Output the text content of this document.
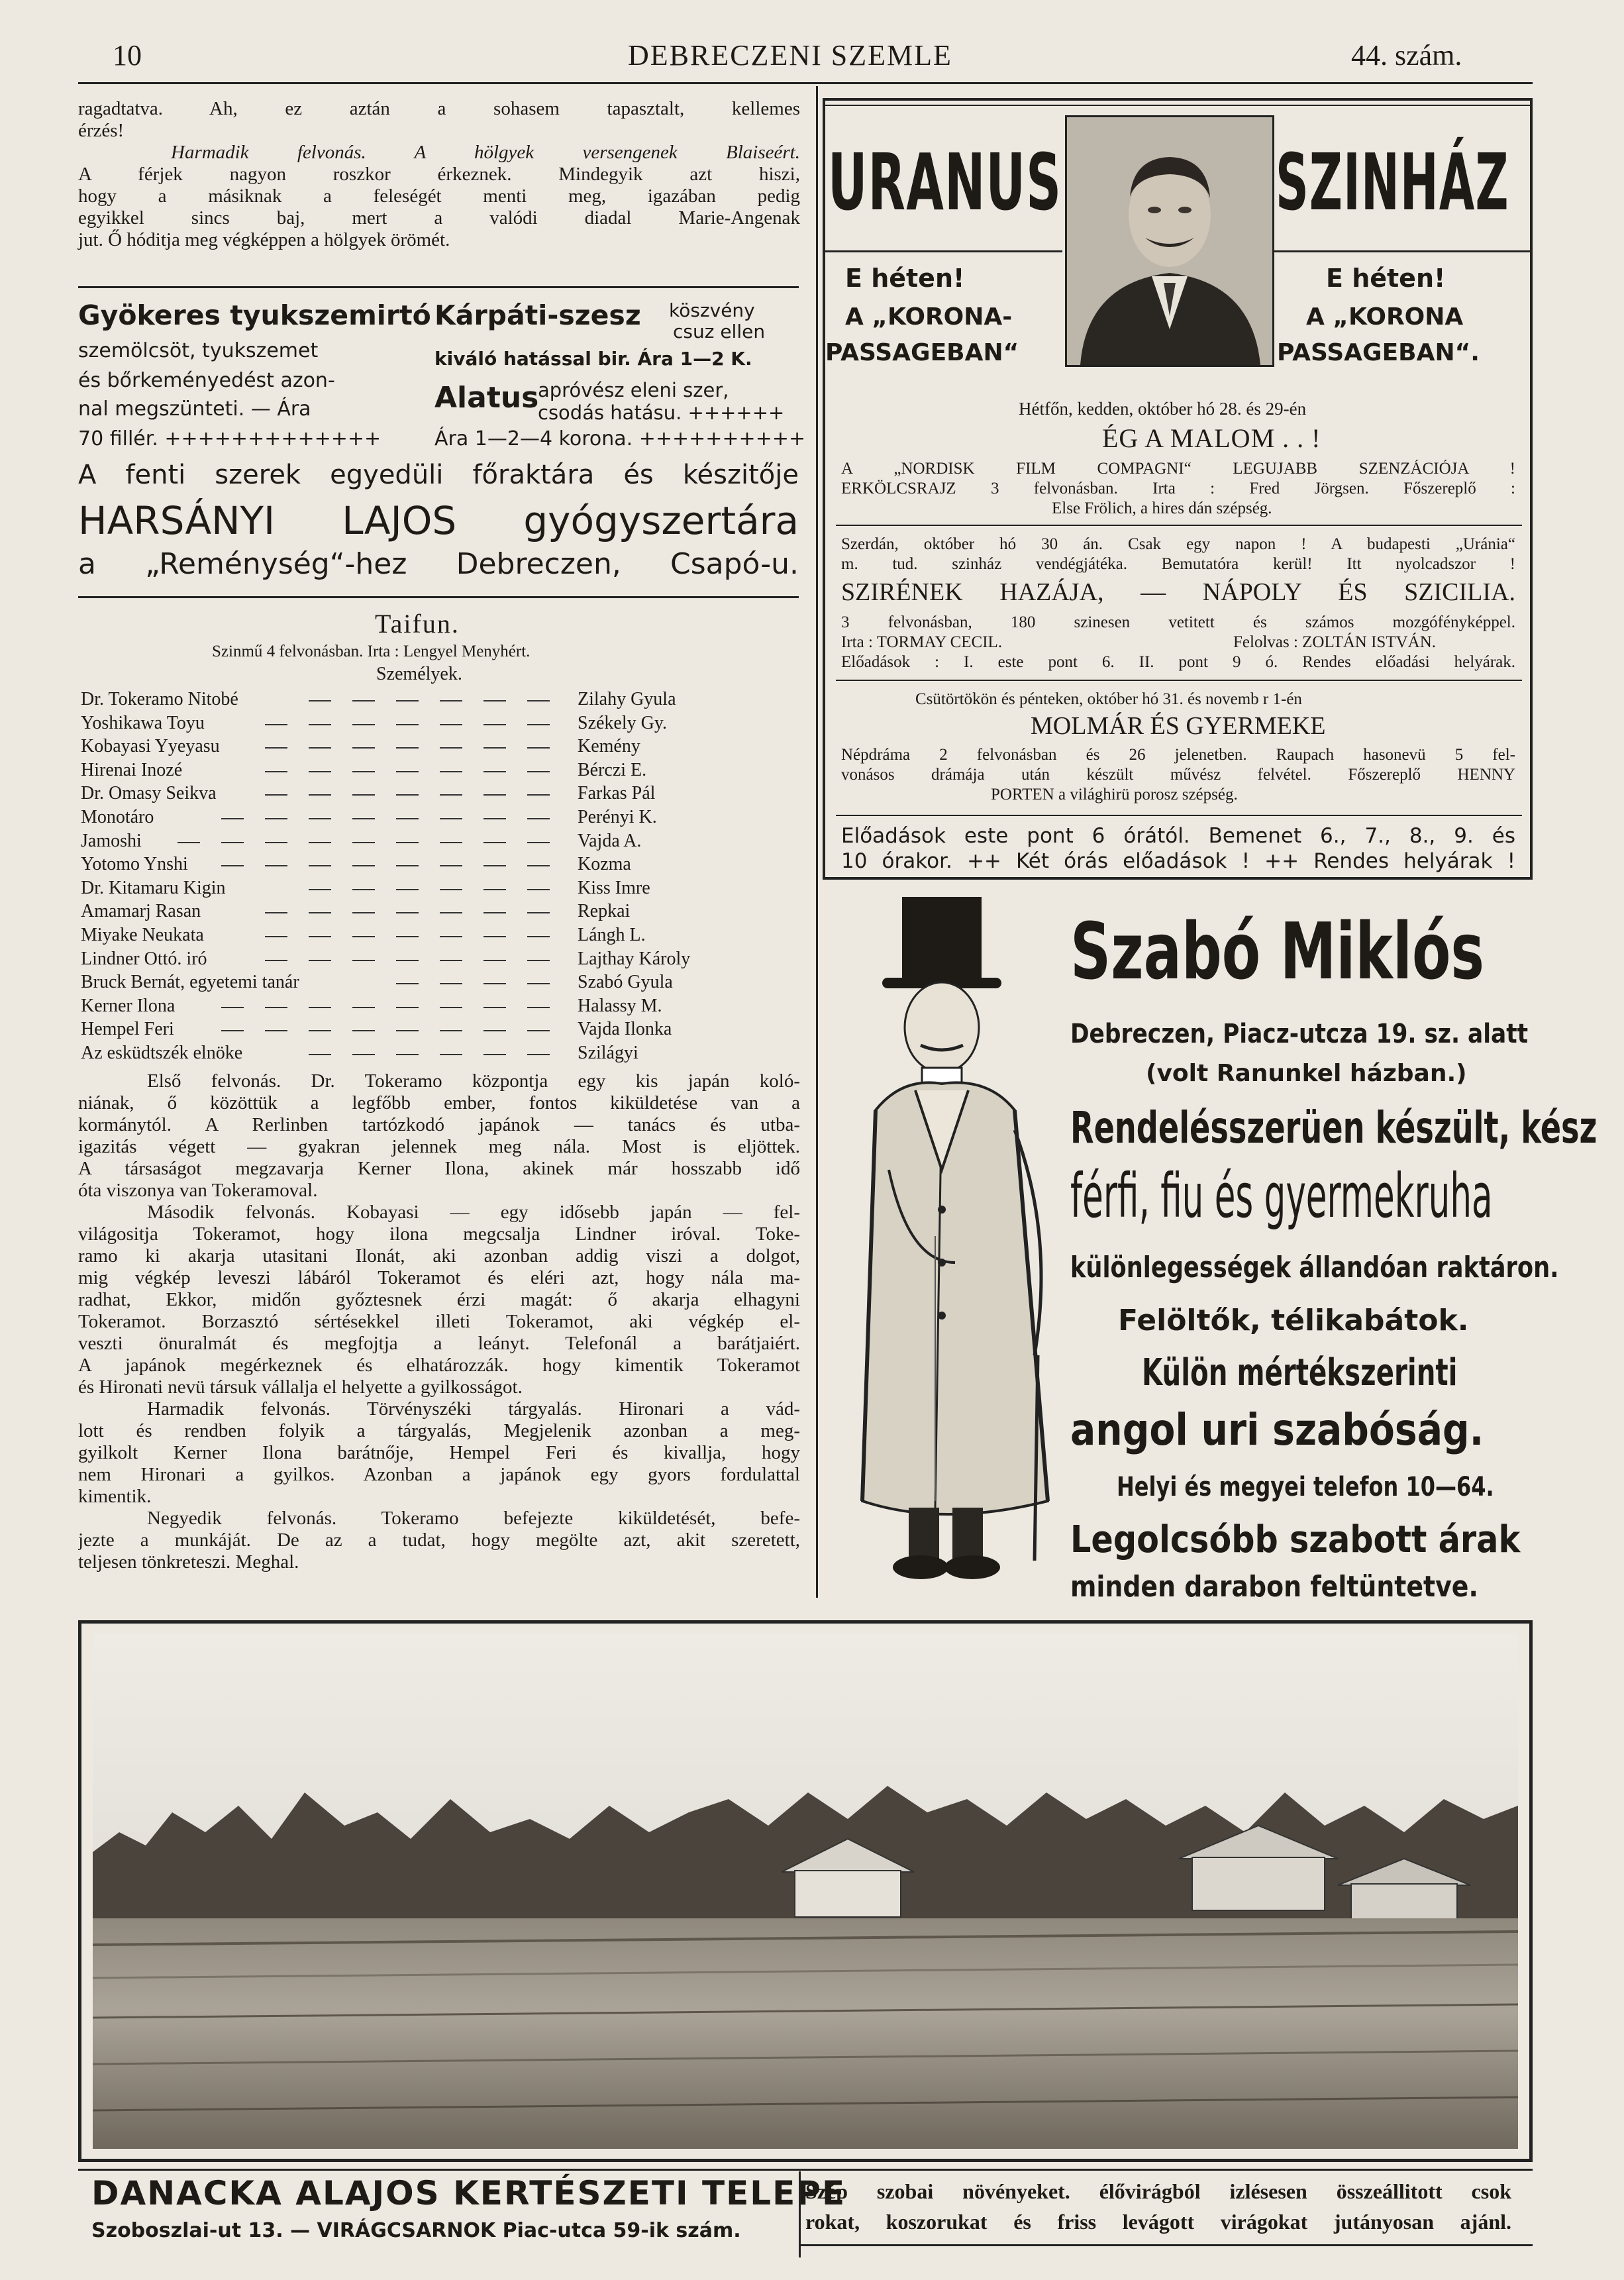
10	DEBRECZENI SZEMLE	44. szám.
ragadtatva. Ah, ez aztán a sohasem tapasztalt, kellemes
érzés!
Harmadik felvonás. A hölgyek versengenek Blaiseért.
A férjek nagyon roszkor érkeznek. Mindegyik azt hiszi,
hogy a másiknak a feleségét menti meg, igazában pedig
egyikkel sincs baj, mert a valódi diadal Marie-Angenak
jut. Ő hóditja meg végképpen a hölgyek örömét.
Gyökeres tyukszemirtó
szemölcsöt, tyukszemet
és bőrkeményedést azon-
nal megszünteti. — Ára
70 fillér. +++++++++++++
Kárpáti-szesz köszvény
csuz ellen
kiváló hatással bir. Ára 1—2 K.
Alatus
apróvész eleni szer,
csodás hatásu. ++++++
Ára 1—2—4 korona. ++++++++++
A fenti szerek egyedüli főraktára és készitője
HARSÁNYI LAJOS gyógyszertára
a „Reménység“-hez Debreczen, Csapó-u.
Taifun.
Szinmű 4 felvonásban. Irta : Lengyel Menyhért.
Személyek.
Dr. Tokeramo Nitobé	Zilahy Gyula
Yoshikawa Toyu	Székely Gy.
Kobayasi Yyeyasu	Kemény
Hirenai Inozé	Bérczi E.
Dr. Omasy Seikva	Farkas Pál
Monotáro	Perényi K.
Jamoshi	Vajda A.
Yotomo Ynshi	Kozma
Dr. Kitamaru Kigin	Kiss Imre
Amamarj Rasan	Repkai
Miyake Neukata	Lángh L.
Lindner Ottó. iró	Lajthay Károly
Bruck Bernát, egyetemi tanár	Szabó Gyula
Kerner Ilona	Halassy M.
Hempel Feri	Vajda Ilonka
Az esküdtszék elnöke	Szilágyi
Első felvonás. Dr. Tokeramo központja egy kis japán koló-
niának, ő közöttük a legfőbb ember, fontos kiküldetése van a
kormánytól. A Rerlinben tartózkodó japánok — tanács és utba-
igazitás végett — gyakran jelennek meg nála. Most is eljöttek.
A társaságot megzavarja Kerner Ilona, akinek már hosszabb idő
óta viszonya van Tokeramoval.
Második felvonás. Kobayasi — egy idősebb japán — fel-
világositja Tokeramot, hogy ilona megcsalja Lindner iróval. Toke-
ramo ki akarja utasitani Ilonát, aki azonban addig viszi a dolgot,
mig végkép leveszi lábáról Tokeramot és eléri azt, hogy nála ma-
radhat, Ekkor, midőn győztesnek érzi magát: ő akarja elhagyni
Tokeramot. Borzasztó sértésekkel illeti Tokeramot, aki végkép el-
veszti önuralmát és megfojtja a leányt. Telefonál a barátjaiért.
A japánok megérkeznek és elhatározzák. hogy kimentik Tokeramot
és Hironati nevü társuk vállalja el helyette a gyilkosságot.
Harmadik felvonás. Törvényszéki tárgyalás. Hironari a vád-
lott és rendben folyik a tárgyalás, Megjelenik azonban a meg-
gyilkolt Kerner Ilona barátnője, Hempel Feri és kivallja, hogy
nem Hironari a gyilkos. Azonban a japánok egy gyors fordulattal
kimentik.
Negyedik felvonás. Tokeramo befejezte kiküldetését, befe-
jezte a munkáját. De az a tudat, hogy megölte azt, akit szeretett,
teljesen tönkreteszi. Meghal.
URANUS	SZINHÁZ
E héten!	E héten!
A „KORONA-
PASSAGEBAN“
A „KORONA
PASSAGEBAN“.
Hétfőn, kedden, október hó 28. és 29-én
ÉG A MALOM . . !
A „NORDISK FILM COMPAGNI“ LEGUJABB SZENZÁCIÓJA !
ERKÖLCSRAJZ 3 felvonásban. Irta : Fred Jörgsen. Főszereplő :
Else Frölich, a hires dán szépség.
Szerdán, október hó 30 án. Csak egy napon ! A budapesti „Uránia“
m. tud. szinház vendégjátéka. Bemutatóra kerül! Itt nyolcadszor !
SZIRÉNEK HAZÁJA, — NÁPOLY ÉS SZICILIA.
3 felvonásban, 180 szinesen vetitett és számos mozgófényképpel.
Irta : TORMAY CECIL.	Felolvas : ZOLTÁN ISTVÁN.
Előadások : I. este pont 6. II. pont 9 ó. Rendes előadási helyárak.
Csütörtökön és pénteken, október hó 31. és novemb r 1-én
MOLMÁR ÉS GYERMEKE
Népdráma 2 felvonásban és 26 jelenetben. Raupach hasonevü 5 fel-
vonásos drámája után készült művész felvétel. Főszereplő HENNY
PORTEN a világhirü porosz szépség.
Előadások este pont 6 órától. Bemenet 6., 7., 8., 9. és
10 órakor. ++ Két órás előadások ! ++ Rendes helyárak !
Szabó Miklós
Debreczen, Piacz-utcza 19. sz. alatt
(volt Ranunkel házban.)
Rendelésszerüen készült, kész
férfi, fiu és gyermekruha
különlegességek állandóan raktáron.
Felöltők, télikabátok.
Külön mértékszerinti
angol uri szabóság.
Helyi és megyei telefon 10—64.
Legolcsóbb szabott árak
minden darabon feltüntetve.
DANACKA ALAJOS KERTÉSZETI TELEPE
Szoboszlai-ut 13. — VIRÁGCSARNOK Piac-utca 59-ik szám.
Szép szobai növényeket. élővirágból izlésesen összeállitott csok
rokat, koszorukat és friss levágott virágokat jutányosan ajánl.
